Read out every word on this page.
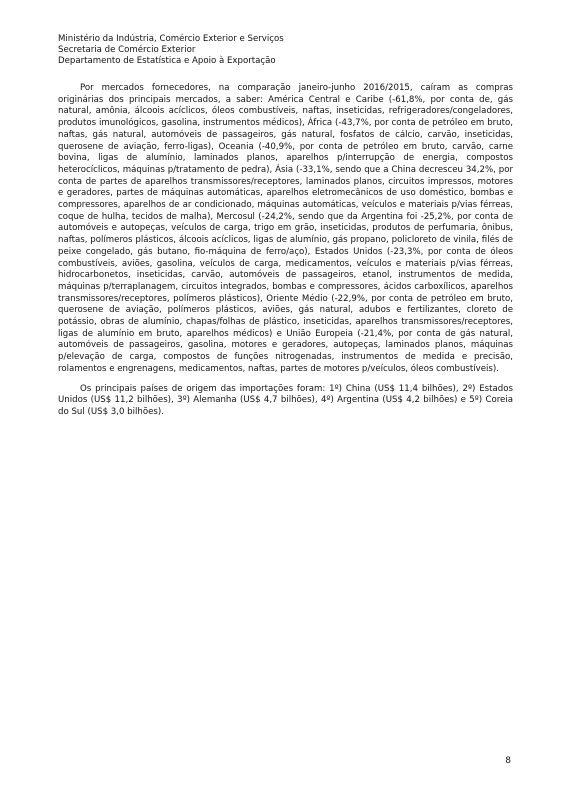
Ministério da Indústria, Comércio Exterior e Serviços
Secretaria de Comércio Exterior
Departamento de Estatística e Apoio à Exportação

Por mercados fornecedores, na comparação janeiro-junho 2016/2015, caíram as compras originárias dos principais mercados, a saber: América Central e Caribe (-61,8%, por conta de, gás natural, amônia, álcoois acíclicos, óleos combustíveis, naftas, inseticidas, refrigeradores/congeladores, produtos imunológicos, gasolina, instrumentos médicos), África (-43,7%, por conta de petróleo em bruto, naftas, gás natural, automóveis de passageiros, gás natural, fosfatos de cálcio, carvão, inseticidas, querosene de aviação, ferro-ligas), Oceania (-40,9%, por conta de petróleo em bruto, carvão, carne bovina, ligas de alumínio, laminados planos, aparelhos p/interrupção de energia, compostos heterocíclicos, máquinas p/tratamento de pedra), Ásia (-33,1%, sendo que a China decresceu 34,2%, por conta de partes de aparelhos transmissores/receptores, laminados planos, circuitos impressos, motores e geradores, partes de máquinas automáticas, aparelhos eletromecânicos de uso doméstico, bombas e compressores, aparelhos de ar condicionado, máquinas automáticas, veículos e materiais p/vias férreas, coque de hulha, tecidos de malha), Mercosul (-24,2%, sendo que da Argentina foi -25,2%, por conta de automóveis e autopeças, veículos de carga, trigo em grão, inseticidas, produtos de perfumaria, ônibus, naftas, polímeros plásticos, álcoois acíclicos, ligas de alumínio, gás propano, policloreto de vinila, filés de peixe congelado, gás butano, fio-máquina de ferro/aço), Estados Unidos (-23,3%, por conta de óleos combustíveis, aviões, gasolina, veículos de carga, medicamentos, veículos e materiais p/vias férreas, hidrocarbonetos, inseticidas, carvão, automóveis de passageiros, etanol, instrumentos de medida, máquinas p/terraplanagem, circuitos integrados, bombas e compressores, ácidos carboxílicos, aparelhos transmissores/receptores, polímeros plásticos), Oriente Médio (-22,9%, por conta de petróleo em bruto, querosene de aviação, polímeros plásticos, aviões, gás natural, adubos e fertilizantes, cloreto de potássio, obras de alumínio, chapas/folhas de plástico, inseticidas, aparelhos transmissores/receptores, ligas de alumínio em bruto, aparelhos médicos) e União Europeia (-21,4%, por conta de gás natural, automóveis de passageiros, gasolina, motores e geradores, autopeças, laminados planos, máquinas p/elevação de carga, compostos de funções nitrogenadas, instrumentos de medida e precisão, rolamentos e engrenagens, medicamentos, naftas, partes de motores p/veículos, óleos combustíveis).

Os principais países de origem das importações foram: 1º) China (US$ 11,4 bilhões), 2º) Estados Unidos (US$ 11,2 bilhões), 3º) Alemanha (US$ 4,7 bilhões), 4º) Argentina (US$ 4,2 bilhões) e 5º) Coreia do Sul (US$ 3,0 bilhões).

8
